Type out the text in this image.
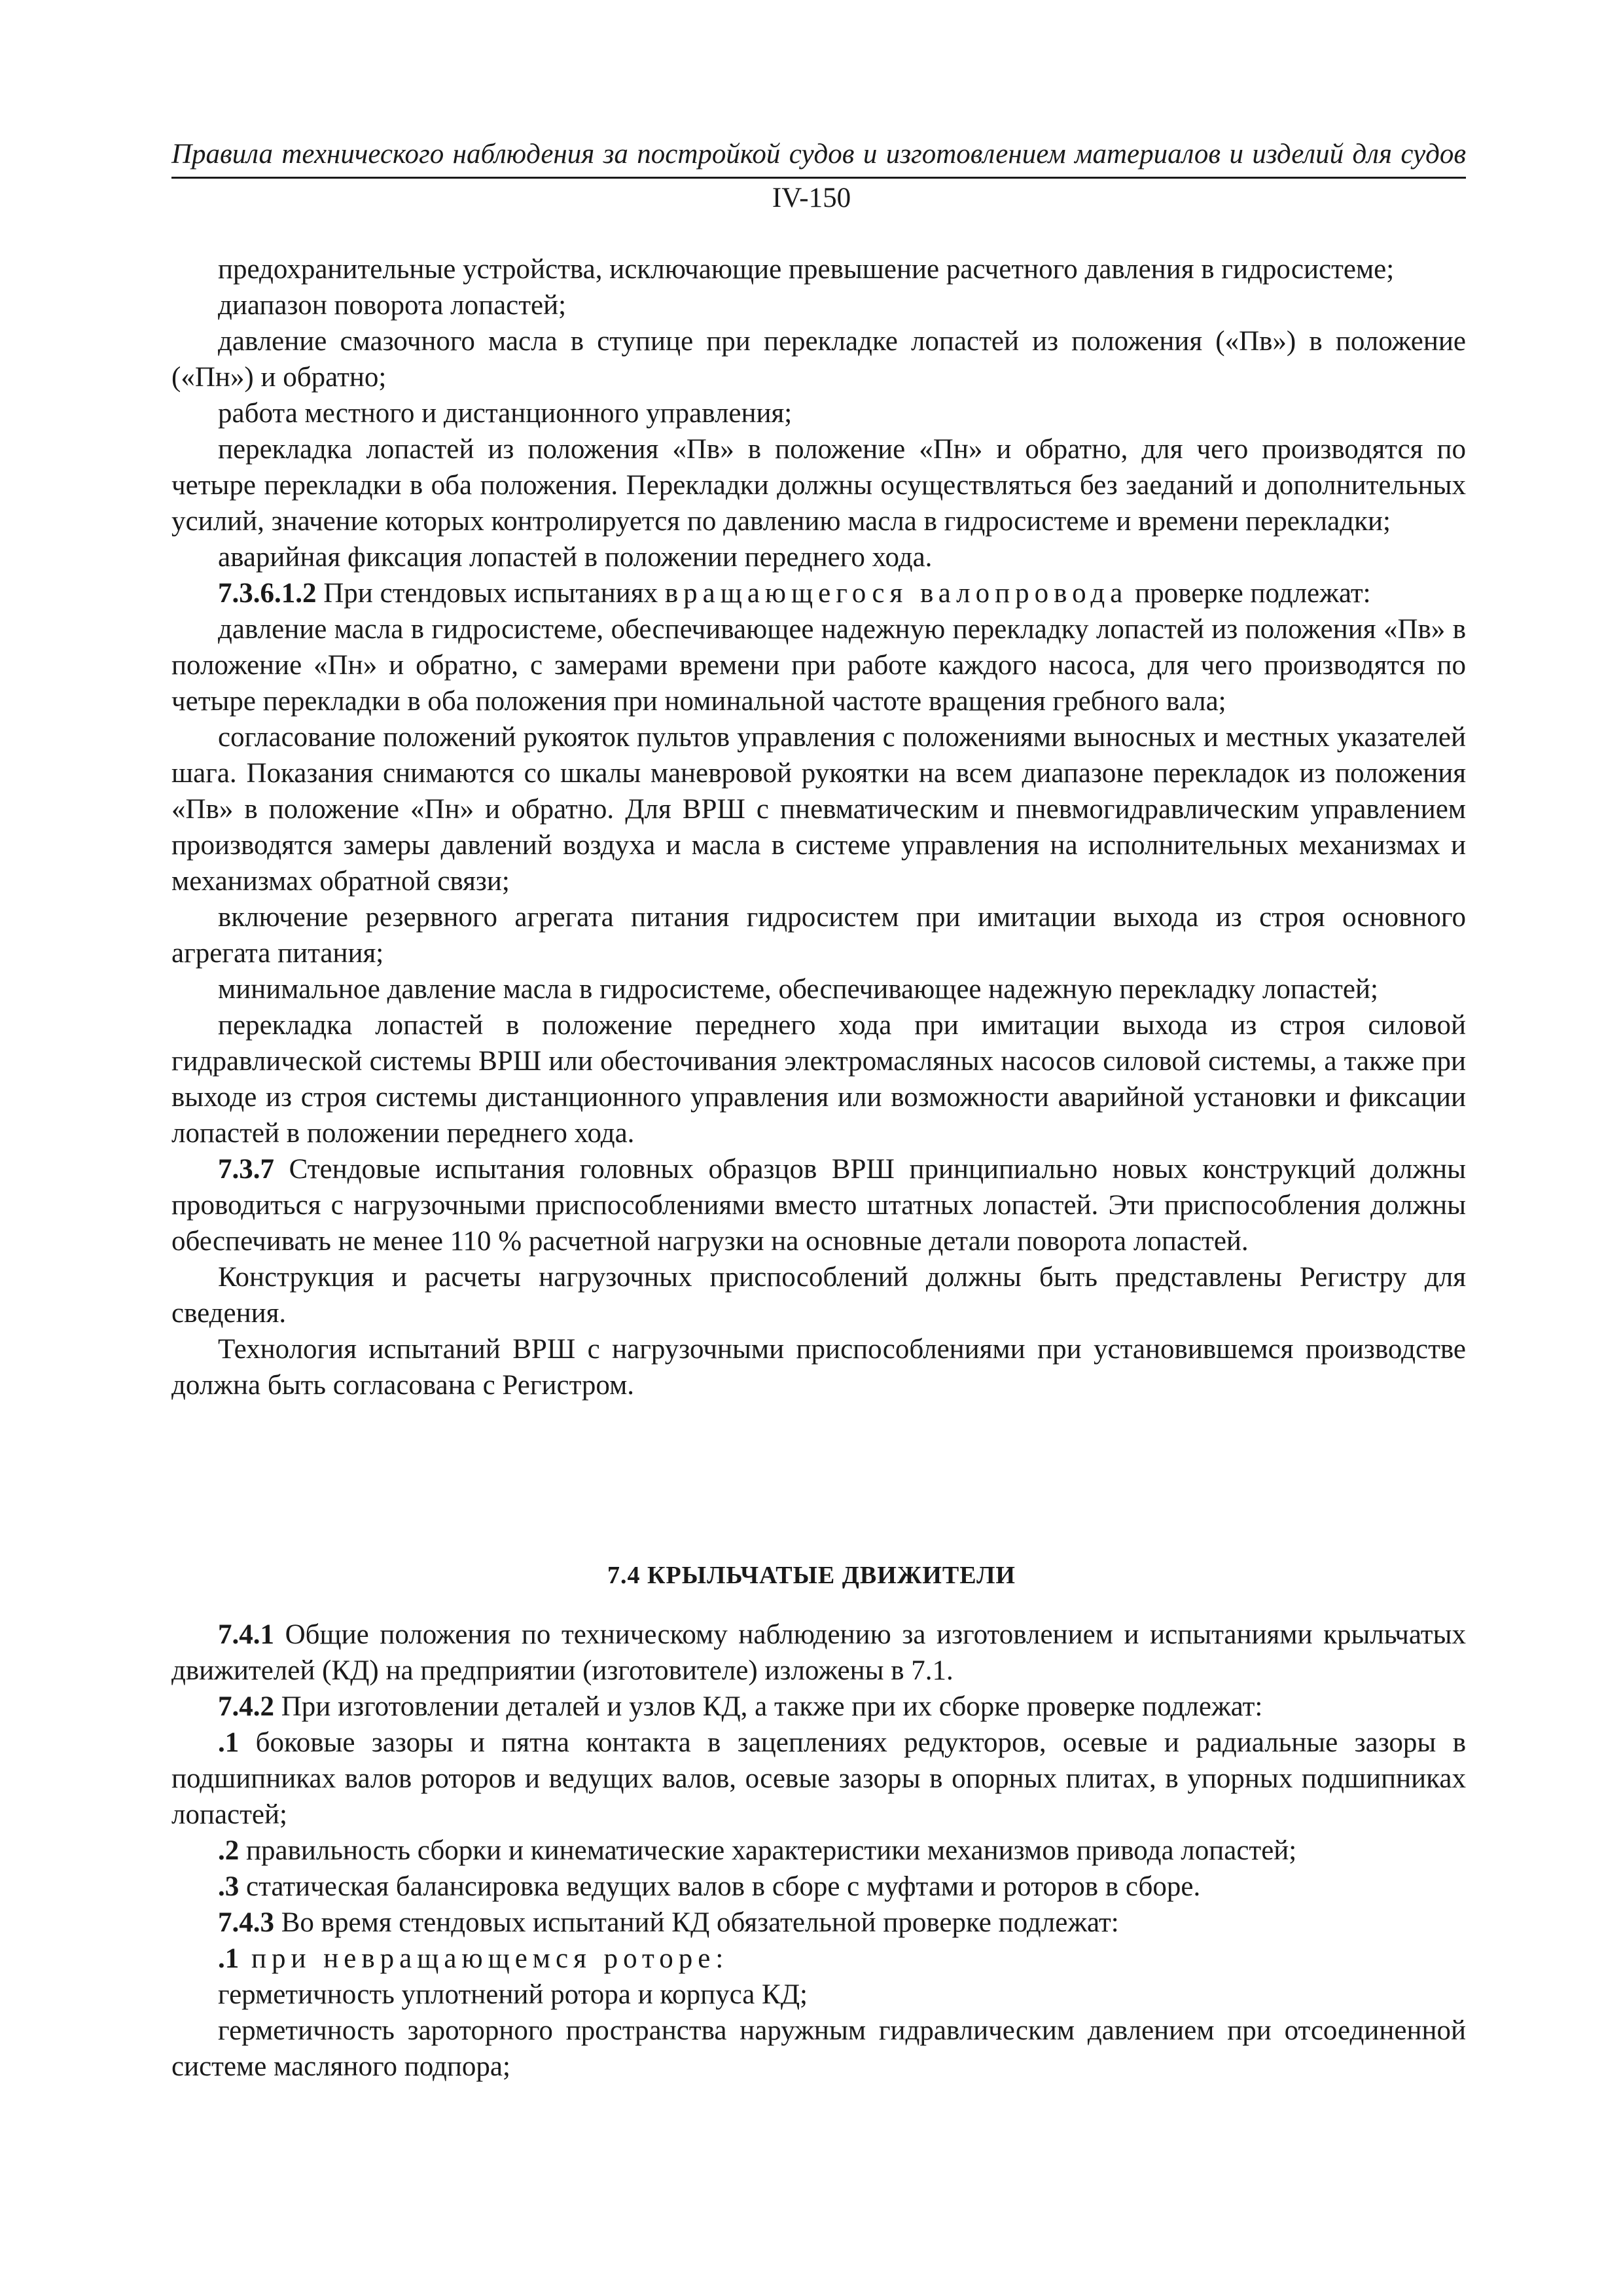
Правила технического наблюдения за постройкой судов и изготовлением материалов и изделий для судов
IV-150

предохранительные устройства, исключающие превышение расчетного давления в гидросистеме;

диапазон поворота лопастей;

давление смазочного масла в ступице при перекладке лопастей из положения («Пв») в положение («Пн») и обратно;

работа местного и дистанционного управления;

перекладка лопастей из положения «Пв» в положение «Пн» и обратно, для чего производятся по четыре перекладки в оба положения. Перекладки должны осуществляться без заеданий и дополнительных усилий, значение которых контролируется по давлению масла в гидросистеме и времени перекладки;

аварийная фиксация лопастей в положении переднего хода.

7.3.6.1.2 При стендовых испытаниях вращающегося валопровода проверке подлежат:

давление масла в гидросистеме, обеспечивающее надежную перекладку лопастей из положения «Пв» в положение «Пн» и обратно, с замерами времени при работе каждого насоса, для чего производятся по четыре перекладки в оба положения при номинальной частоте вращения гребного вала;

согласование положений рукояток пультов управления с положениями выносных и местных указателей шага. Показания снимаются со шкалы маневровой рукоятки на всем диапазоне перекладок из положения «Пв» в положение «Пн» и обратно. Для ВРШ с пневматическим и пневмогидравлическим управлением производятся замеры давлений воздуха и масла в системе управления на исполнительных механизмах и механизмах обратной связи;

включение резервного агрегата питания гидросистем при имитации выхода из строя основного агрегата питания;

минимальное давление масла в гидросистеме, обеспечивающее надежную перекладку лопастей;

перекладка лопастей в положение переднего хода при имитации выхода из строя силовой гидравлической системы ВРШ или обесточивания электромасляных насосов силовой системы, а также при выходе из строя системы дистанционного управления или возможности аварийной установки и фиксации лопастей в положении переднего хода.

7.3.7 Стендовые испытания головных образцов ВРШ принципиально новых конструкций должны проводиться с нагрузочными приспособлениями вместо штатных лопастей. Эти приспособления должны обеспечивать не менее 110 % расчетной нагрузки на основные детали поворота лопастей.

Конструкция и расчеты нагрузочных приспособлений должны быть представлены Регистру для сведения.

Технология испытаний ВРШ с нагрузочными приспособлениями при установившемся производстве должна быть согласована с Регистром.

7.4 КРЫЛЬЧАТЫЕ ДВИЖИТЕЛИ

7.4.1 Общие положения по техническому наблюдению за изготовлением и испытаниями крыльчатых движителей (КД) на предприятии (изготовителе) изложены в 7.1.

7.4.2 При изготовлении деталей и узлов КД, а также при их сборке проверке подлежат:

.1 боковые зазоры и пятна контакта в зацеплениях редукторов, осевые и радиальные зазоры в подшипниках валов роторов и ведущих валов, осевые зазоры в опорных плитах, в упорных подшипниках лопастей;

.2 правильность сборки и кинематические характеристики механизмов привода лопастей;

.3 статическая балансировка ведущих валов в сборе с муфтами и роторов в сборе.

7.4.3 Во время стендовых испытаний КД обязательной проверке подлежат:

.1 при невращающемся роторе:

герметичность уплотнений ротора и корпуса КД;

герметичность зароторного пространства наружным гидравлическим давлением при отсоединенной системе масляного подпора;
